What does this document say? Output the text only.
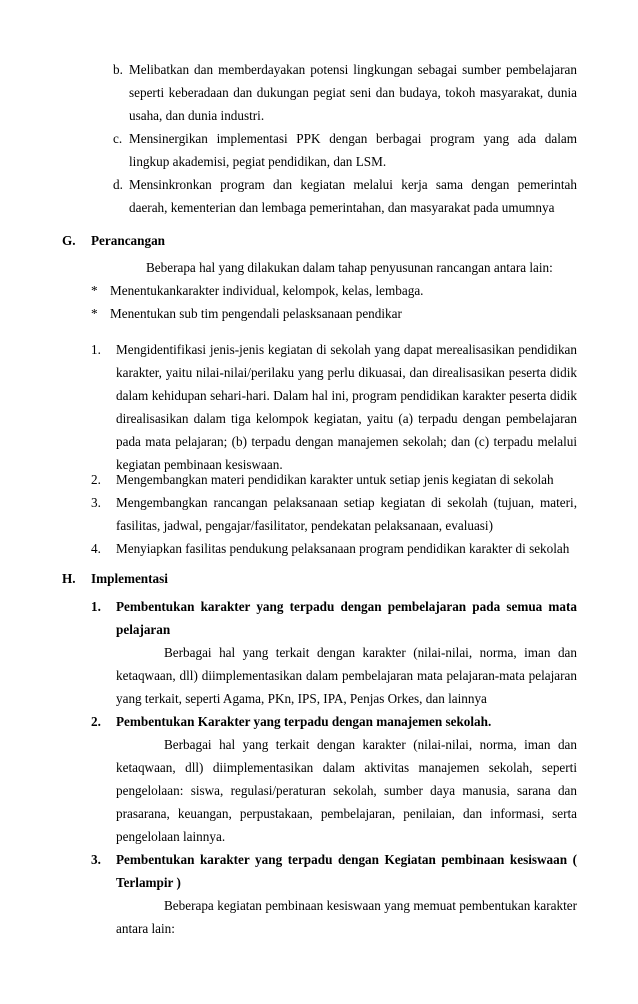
b. Melibatkan dan memberdayakan potensi lingkungan sebagai sumber pembelajaran seperti keberadaan dan dukungan pegiat seni dan budaya, tokoh masyarakat, dunia usaha, dan dunia industri.
c. Mensinergikan implementasi PPK dengan berbagai program yang ada dalam lingkup akademisi, pegiat pendidikan, dan LSM.
d. Mensinkronkan program dan kegiatan melalui kerja sama dengan pemerintah daerah, kementerian dan lembaga pemerintahan, dan masyarakat pada umumnya
G. Perancangan
Beberapa hal yang dilakukan dalam tahap penyusunan rancangan antara lain:
* Menentukankarakter individual, kelompok, kelas, lembaga.
* Menentukan sub tim pengendali pelasksanaan pendikar
1. Mengidentifikasi jenis-jenis kegiatan di sekolah yang dapat merealisasikan pendidikan karakter, yaitu nilai-nilai/perilaku yang perlu dikuasai, dan direalisasikan peserta didik dalam kehidupan sehari-hari. Dalam hal ini, program pendidikan karakter peserta didik direalisasikan dalam tiga kelompok kegiatan, yaitu (a) terpadu dengan pembelajaran pada mata pelajaran; (b) terpadu dengan manajemen sekolah; dan (c) terpadu melalui kegiatan pembinaan kesiswaan.
2. Mengembangkan materi pendidikan karakter untuk setiap jenis kegiatan di sekolah
3. Mengembangkan rancangan pelaksanaan setiap kegiatan di sekolah (tujuan, materi, fasilitas, jadwal, pengajar/fasilitator, pendekatan pelaksanaan, evaluasi)
4. Menyiapkan fasilitas pendukung pelaksanaan program pendidikan karakter di sekolah
H. Implementasi
1. Pembentukan karakter yang terpadu dengan pembelajaran pada semua mata pelajaran
Berbagai hal yang terkait dengan karakter (nilai-nilai, norma, iman dan ketaqwaan, dll) diimplementasikan dalam pembelajaran mata pelajaran-mata pelajaran yang terkait, seperti Agama, PKn, IPS, IPA, Penjas Orkes, dan lainnya
2. Pembentukan Karakter yang terpadu dengan manajemen sekolah.
Berbagai hal yang terkait dengan karakter (nilai-nilai, norma, iman dan ketaqwaan, dll) diimplementasikan dalam aktivitas manajemen sekolah, seperti pengelolaan: siswa, regulasi/peraturan sekolah, sumber daya manusia, sarana dan prasarana, keuangan, perpustakaan, pembelajaran, penilaian, dan informasi, serta pengelolaan lainnya.
3. Pembentukan karakter yang terpadu dengan Kegiatan pembinaan kesiswaan ( Terlampir )
Beberapa kegiatan pembinaan kesiswaan yang memuat pembentukan karakter antara lain:
